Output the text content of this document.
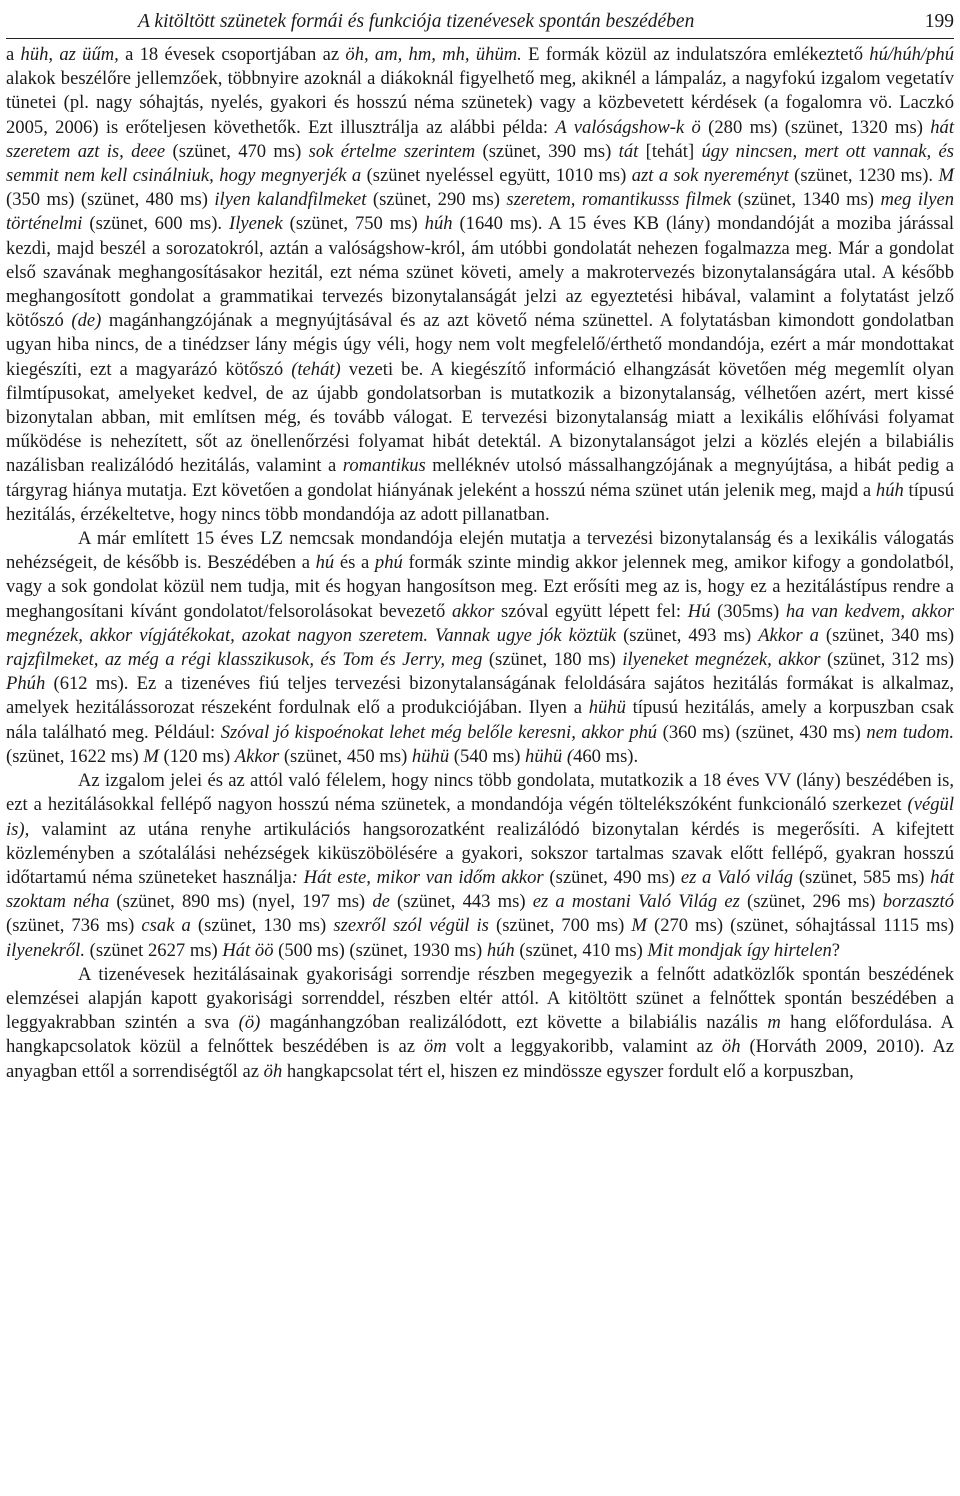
A kitöltött szünetek formái és funkciója tizenévesek spontán beszédében	199

a hüh, az üűm, a 18 évesek csoportjában az öh, am, hm, mh, ühüm. E formák közül az indulatszóra emlékeztető hú/húh/phú alakok beszélőre jellemzőek, többnyire azoknál a diákoknál figyelhető meg, akiknél a lámpaláz, a nagyfokú izgalom vegetatív tünetei (pl. nagy sóhajtás, nyelés, gyakori és hosszú néma szünetek) vagy a közbevetett kérdések (a fogalomra vö. Laczkó 2005, 2006) is erőteljesen követhetők. Ezt illusztrálja az alábbi példa: A valóságshow-k ö (280 ms) (szünet, 1320 ms) hát szeretem azt is, deee (szünet, 470 ms) sok értelme szerintem (szünet, 390 ms) tát [tehát] úgy nincsen, mert ott vannak, és semmit nem kell csinálniuk, hogy megnyerjék a (szünet nyeléssel együtt, 1010 ms) azt a sok nyereményt (szünet, 1230 ms). M (350 ms) (szünet, 480 ms) ilyen kalandfilmeket (szünet, 290 ms) szeretem, romantikusss filmek (szünet, 1340 ms) meg ilyen történelmi (szünet, 600 ms). Ilyenek (szünet, 750 ms) húh (1640 ms). A 15 éves KB (lány) mondandóját a moziba járással kezdi, majd beszél a sorozatokról, aztán a valóságshow-król, ám utóbbi gondolatát nehezen fogalmazza meg. Már a gondolat első szavának meghangosításakor hezitál, ezt néma szünet követi, amely a makrotervezés bizonytalanságára utal. A később meghangosított gondolat a grammatikai tervezés bizonytalanságát jelzi az egyeztetési hibával, valamint a folytatást jelző kötőszó (de) magánhangzójának a megnyújtásával és az azt követő néma szünettel. A folytatásban kimondott gondolatban ugyan hiba nincs, de a tinédzser lány mégis úgy véli, hogy nem volt megfelelő/érthető mondandója, ezért a már mondottakat kiegészíti, ezt a magyarázó kötőszó (tehát) vezeti be. A kiegészítő információ elhangzását követően még megemlít olyan filmtípusokat, amelyeket kedvel, de az újabb gondolatsorban is mutatkozik a bizonytalanság, vélhetően azért, mert kissé bizonytalan abban, mit említsen még, és tovább válogat. E tervezési bizonytalanság miatt a lexikális előhívási folyamat működése is nehezített, sőt az önellenőrzési folyamat hibát detektál. A bizonytalanságot jelzi a közlés elején a bilabiális nazálisban realizálódó hezitálás, valamint a romantikus melléknév utolsó mássalhangzójának a megnyújtása, a hibát pedig a tárgyrag hiánya mutatja. Ezt követően a gondolat hiányának jeleként a hosszú néma szünet után jelenik meg, majd a húh típusú hezitálás, érzékeltetve, hogy nincs több mondandója az adott pillanatban.

A már említett 15 éves LZ nemcsak mondandója elején mutatja a tervezési bizonytalanság és a lexikális válogatás nehézségeit, de később is. Beszédében a hú és a phú formák szinte mindig akkor jelennek meg, amikor kifogy a gondolatból, vagy a sok gondolat közül nem tudja, mit és hogyan hangosítson meg. Ezt erősíti meg az is, hogy ez a hezitálástípus rendre a meghangosítani kívánt gondolatot/felsorolásokat bevezető akkor szóval együtt lépett fel: Hú (305ms) ha van kedvem, akkor megnézek, akkor vígjátékokat, azokat nagyon szeretem. Vannak ugye jók köztük (szünet, 493 ms) Akkor a (szünet, 340 ms) rajzfilmeket, az még a régi klasszikusok, és Tom és Jerry, meg (szünet, 180 ms) ilyeneket megnézek, akkor (szünet, 312 ms) Phúh (612 ms). Ez a tizenéves fiú teljes tervezési bizonytalanságának feloldására sajátos hezitálás formákat is alkalmaz, amelyek hezitálássorozat részeként fordulnak elő a produkciójában. Ilyen a hühü típusú hezitálás, amely a korpuszban csak nála található meg. Például: Szóval jó kispoénokat lehet még belőle keresni, akkor phú (360 ms) (szünet, 430 ms) nem tudom. (szünet, 1622 ms) M (120 ms) Akkor (szünet, 450 ms) hühü (540 ms) hühü (460 ms).

Az izgalom jelei és az attól való félelem, hogy nincs több gondolata, mutatkozik a 18 éves VV (lány) beszédében is, ezt a hezitálásokkal fellépő nagyon hosszú néma szünetek, a mondandója végén töltelékszóként funkcionáló szerkezet (végül is), valamint az utána renyhe artikulációs hangsorozatként realizálódó bizonytalan kérdés is megerősíti. A kifejtett közleményben a szótalálási nehézségek kiküszöbölésére a gyakori, sokszor tartalmas szavak előtt fellépő, gyakran hosszú időtartamú néma szüneteket használja: Hát este, mikor van időm akkor (szünet, 490 ms) ez a Való világ (szünet, 585 ms) hát szoktam néha (szünet, 890 ms) (nyel, 197 ms) de (szünet, 443 ms) ez a mostani Való Világ ez (szünet, 296 ms) borzasztó (szünet, 736 ms) csak a (szünet, 130 ms) szexről szól végül is (szünet, 700 ms) M (270 ms) (szünet, sóhajtással 1115 ms) ilyenekről. (szünet 2627 ms) Hát öö (500 ms) (szünet, 1930 ms) húh (szünet, 410 ms) Mit mondjak így hirtelen?

A tizenévesek hezitálásainak gyakorisági sorrendje részben megegyezik a felnőtt adatközlők spontán beszédének elemzései alapján kapott gyakorisági sorrenddel, részben eltér attól. A kitöltött szünet a felnőttek spontán beszédében a leggyakrabban szintén a sva (ö) magánhangzóban realizálódott, ezt követte a bilabiális nazális m hang előfordulása. A hangkapcsolatok közül a felnőttek beszédében is az öm volt a leggyakoribb, valamint az öh (Horváth 2009, 2010). Az anyagban ettől a sorrendiségtől az öh hangkapcsolat tért el, hiszen ez mindössze egyszer fordult elő a korpuszban,
